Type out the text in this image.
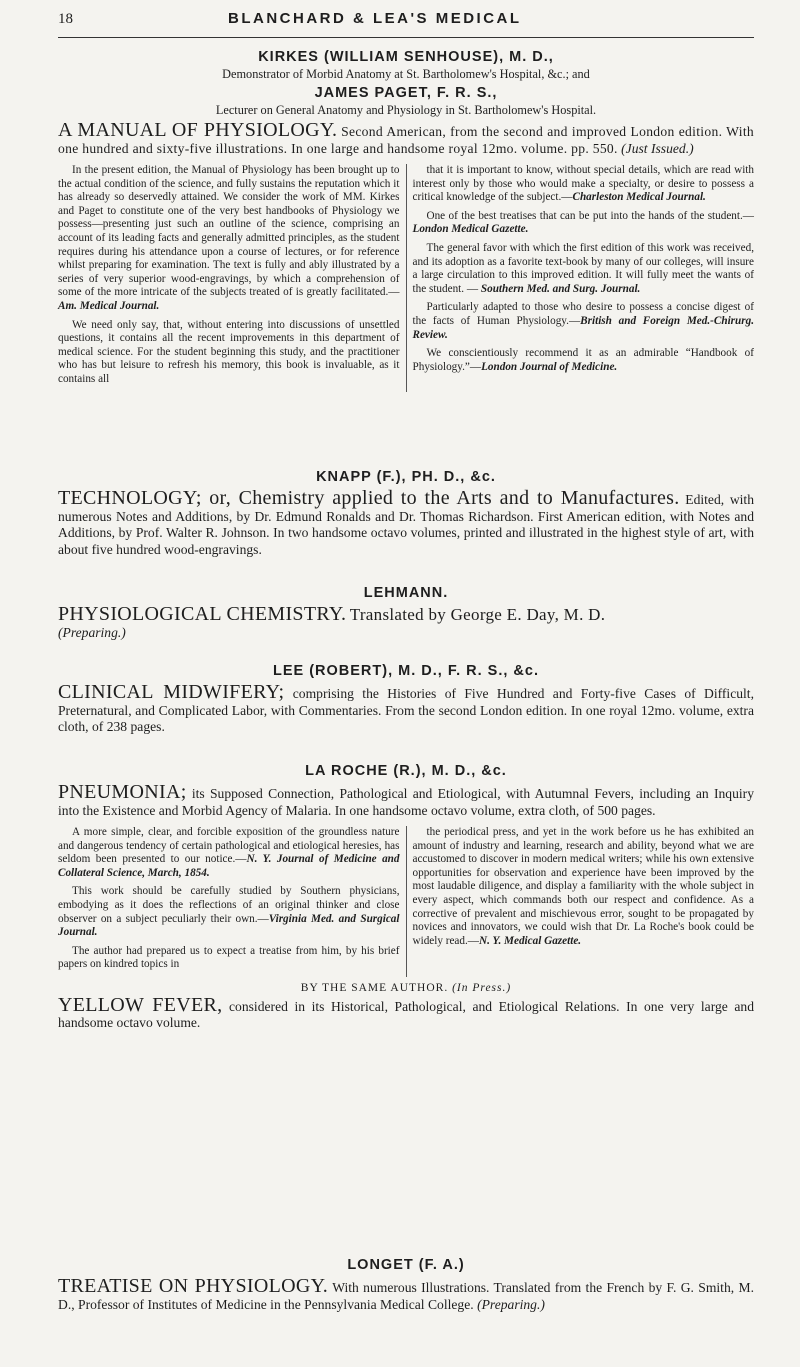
18	BLANCHARD & LEA'S MEDICAL

KIRKES (WILLIAM SENHOUSE), M. D.,

Demonstrator of Morbid Anatomy at St. Bartholomew's Hospital, &c.; and

JAMES PAGET, F. R. S.,

Lecturer on General Anatomy and Physiology in St. Bartholomew's Hospital.

A MANUAL OF PHYSIOLOGY. Second American, from the second and improved London edition. With one hundred and sixty-five illustrations. In one large and handsome royal 12mo. volume. pp. 550. (Just Issued.)

In the present edition, the Manual of Physiology has been brought up to the actual condition of the science, and fully sustains the reputation which it has already so deservedly attained. We consider the work of MM. Kirkes and Paget to constitute one of the very best handbooks of Physiology we possess—presenting just such an outline of the science, comprising an account of its leading facts and generally admitted principles, as the student requires during his attendance upon a course of lectures, or for reference whilst preparing for examination. The text is fully and ably illustrated by a series of very superior wood-engravings, by which a comprehension of some of the more intricate of the subjects treated of is greatly facilitated.—Am. Medical Journal.

We need only say, that, without entering into discussions of unsettled questions, it contains all the recent improvements in this department of medical science. For the student beginning this study, and the practitioner who has but leisure to refresh his memory, this book is invaluable, as it contains all

that it is important to know, without special details, which are read with interest only by those who would make a specialty, or desire to possess a critical knowledge of the subject.—Charleston Medical Journal.

One of the best treatises that can be put into the hands of the student.—London Medical Gazette.

The general favor with which the first edition of this work was received, and its adoption as a favorite text-book by many of our colleges, will insure a large circulation to this improved edition. It will fully meet the wants of the student. — Southern Med. and Surg. Journal.

Particularly adapted to those who desire to possess a concise digest of the facts of Human Physiology.—British and Foreign Med.-Chirurg. Review.

We conscientiously recommend it as an admirable “Handbook of Physiology.”—London Journal of Medicine.

KNAPP (F.), PH. D., &c.

TECHNOLOGY; or, Chemistry applied to the Arts and to Manufactures. Edited, with numerous Notes and Additions, by Dr. Edmund Ronalds and Dr. Thomas Richardson. First American edition, with Notes and Additions, by Prof. Walter R. Johnson. In two handsome octavo volumes, printed and illustrated in the highest style of art, with about five hundred wood-engravings.

LEHMANN.

PHYSIOLOGICAL CHEMISTRY. Translated by George E. Day, M. D.

(Preparing.)

LEE (ROBERT), M. D., F. R. S., &c.

CLINICAL MIDWIFERY; comprising the Histories of Five Hundred and Forty-five Cases of Difficult, Preternatural, and Complicated Labor, with Commentaries. From the second London edition. In one royal 12mo. volume, extra cloth, of 238 pages.

LA ROCHE (R.), M. D., &c.

PNEUMONIA; its Supposed Connection, Pathological and Etiological, with Autumnal Fevers, including an Inquiry into the Existence and Morbid Agency of Malaria. In one handsome octavo volume, extra cloth, of 500 pages.

A more simple, clear, and forcible exposition of the groundless nature and dangerous tendency of certain pathological and etiological heresies, has seldom been presented to our notice.—N. Y. Journal of Medicine and Collateral Science, March, 1854.

This work should be carefully studied by Southern physicians, embodying as it does the reflections of an original thinker and close observer on a subject peculiarly their own.—Virginia Med. and Surgical Journal.

The author had prepared us to expect a treatise from him, by his brief papers on kindred topics in

the periodical press, and yet in the work before us he has exhibited an amount of industry and learning, research and ability, beyond what we are accustomed to discover in modern medical writers; while his own extensive opportunities for observation and experience have been improved by the most laudable diligence, and display a familiarity with the whole subject in every aspect, which commands both our respect and confidence. As a corrective of prevalent and mischievous error, sought to be propagated by novices and innovators, we could wish that Dr. La Roche's book could be widely read.—N. Y. Medical Gazette.

BY THE SAME AUTHOR. (In Press.)

YELLOW FEVER, considered in its Historical, Pathological, and Etiological Relations. In one very large and handsome octavo volume.

LONGET (F. A.)

TREATISE ON PHYSIOLOGY. With numerous Illustrations. Translated from the French by F. G. Smith, M. D., Professor of Institutes of Medicine in the Pennsylvania Medical College. (Preparing.)
